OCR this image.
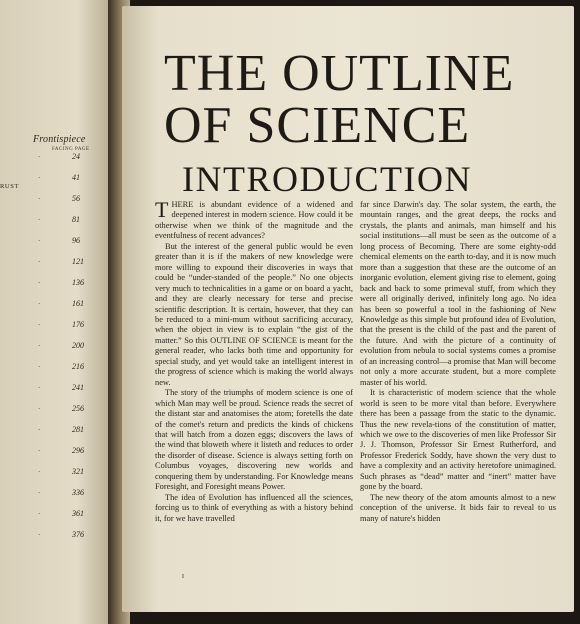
Frontispiece
FACING PAGE
RUST
24
·
41
·
56
·
81
·
96
·
121
·
136
·
161
·
176
·
200
·
216
·
241
·
256
·
281
·
296
·
321
·
336
·
361
·
376
·
THE OUTLINE
OF SCIENCE
INTRODUCTION

THERE is abundant evidence of a widened and deepened interest in modern science. How could it be otherwise when we think of the magnitude and the eventfulness of recent advances?

But the interest of the general public would be even greater than it is if the makers of new knowledge were more willing to expound their discoveries in ways that could be “under-standed of the people.” No one objects very much to technicalities in a game or on board a yacht, and they are clearly necessary for terse and precise scientific description. It is certain, however, that they can be reduced to a mini-mum without sacrificing accuracy, when the object in view is to explain “the gist of the matter.” So this OUTLINE OF SCIENCE is meant for the general reader, who lacks both time and opportunity for special study, and yet would take an intelligent interest in the progress of science which is making the world always new.

The story of the triumphs of modern science is one of which Man may well be proud. Science reads the secret of the distant star and anatomises the atom; foretells the date of the comet's return and predicts the kinds of chickens that will hatch from a dozen eggs; discovers the laws of the wind that bloweth where it listeth and reduces to order the disorder of disease. Science is always setting forth on Columbus voyages, discovering new worlds and conquering them by understanding. For Knowledge means Foresight, and Foresight means Power.

The idea of Evolution has influenced all the sciences, forcing us to think of everything as with a history behind it, for we have travelled

far since Darwin's day. The solar system, the earth, the mountain ranges, and the great deeps, the rocks and crystals, the plants and animals, man himself and his social institutions—all must be seen as the outcome of a long process of Becoming. There are some eighty-odd chemical elements on the earth to-day, and it is now much more than a suggestion that these are the outcome of an inorganic evolution, element giving rise to element, going back and back to some primeval stuff, from which they were all originally derived, infinitely long ago. No idea has been so powerful a tool in the fashioning of New Knowledge as this simple but profound idea of Evolution, that the present is the child of the past and the parent of the future. And with the picture of a continuity of evolution from nebula to social systems comes a promise of an increasing control—a promise that Man will become not only a more accurate student, but a more complete master of his world.

It is characteristic of modern science that the whole world is seen to be more vital than before. Everywhere there has been a passage from the static to the dynamic. Thus the new revela-tions of the constitution of matter, which we owe to the discoveries of men like Professor Sir J. J. Thomson, Professor Sir Ernest Rutherford, and Professor Frederick Soddy, have shown the very dust to have a complexity and an activity heretofore unimagined. Such phrases as “dead” matter and “inert” matter have gone by the board.

The new theory of the atom amounts almost to a new conception of the universe. It bids fair to reveal to us many of nature's hidden

I
